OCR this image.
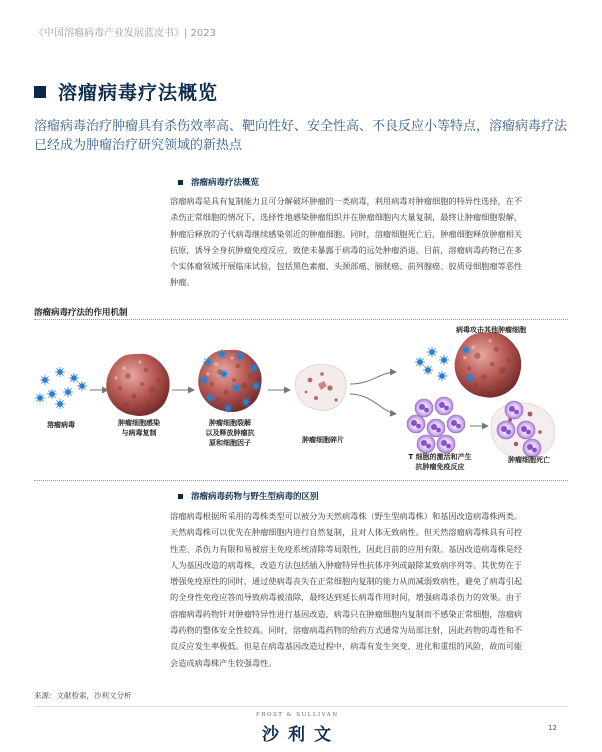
《中国溶瘤病毒产业发展蓝皮书》| 2023
溶瘤病毒疗法概览
溶瘤病毒治疗肿瘤具有杀伤效率高、靶向性好、安全性高、不良反应小等特点，溶瘤病毒疗法已经成为肿瘤治疗研究领域的新热点
溶瘤病毒疗法概览
溶瘤病毒是具有复制能力且可分解破坏肿瘤的一类病毒，利用病毒对肿瘤细胞的特异性选择，在不
杀伤正常细胞的情况下，选择性地感染肿瘤组织并在肿瘤细胞内大量复制，最终让肿瘤细胞裂解，
肿瘤后释放的子代病毒继续感染邻近的肿瘤细胞。同时，溶瘤细胞死亡后，肿瘤细胞释放肿瘤相关
抗原，诱导全身抗肿瘤免疫反应，致使未暴露于病毒的远处肿瘤消退。目前，溶瘤病毒药物已在多
个实体瘤领域开展临床试验，包括黑色素瘤、头颈部癌、膀胱癌、前列腺癌、胶质母细胞瘤等恶性
肿瘤。
溶瘤病毒疗法的作用机制
溶瘤病毒	肿瘤细胞感染
与病毒复制
肿瘤细胞裂解
以及释放肿瘤抗
原和细胞因子	肿瘤细胞碎片
病毒攻击其他肿瘤细胞
T 细胞的激活和产生
抗肿瘤免疫反应
肿瘤细胞死亡
溶瘤病毒药物与野生型病毒的区别
溶瘤病毒根据所采用的毒株类型可以被分为天然病毒株（野生型病毒株）和基因改造病毒株两类。
天然病毒株可以优先在肿瘤细胞内进行自然复制，且对人体无致病性。但天然溶瘤病毒株具有可控
性差、杀伤力有限和易被宿主免疫系统清除等局限性，因此目前的应用有限。基因改造病毒株是经
人为基因改造的病毒株，改造方法包括插入肿瘤特异性抗体序列或敲除某致病序列等。其优势在于
增强免疫原性的同时，通过使病毒丧失在正常细胞内复制的能力从而减弱致病性，避免了病毒引起
的全身性免疫应答而导致病毒被清除，最终达到延长病毒作用时间，增强病毒杀伤力的效果。由于
溶瘤病毒药物针对肿瘤特异性进行基因改造，病毒只在肿瘤细胞内复制而不感染正常细胞，溶瘤病
毒药物的整体安全性较高。同时，溶瘤病毒药物的给药方式通常为局部注射，因此药物的毒性和不
良反应发生率极低。但是在病毒基因改造过程中，病毒有发生突变、进化和重组的风险，故而可能
会造成病毒株产生较强毒性。
来源：文献检索，沙利文分析
FROST & SULLIVAN
沙利文	12
